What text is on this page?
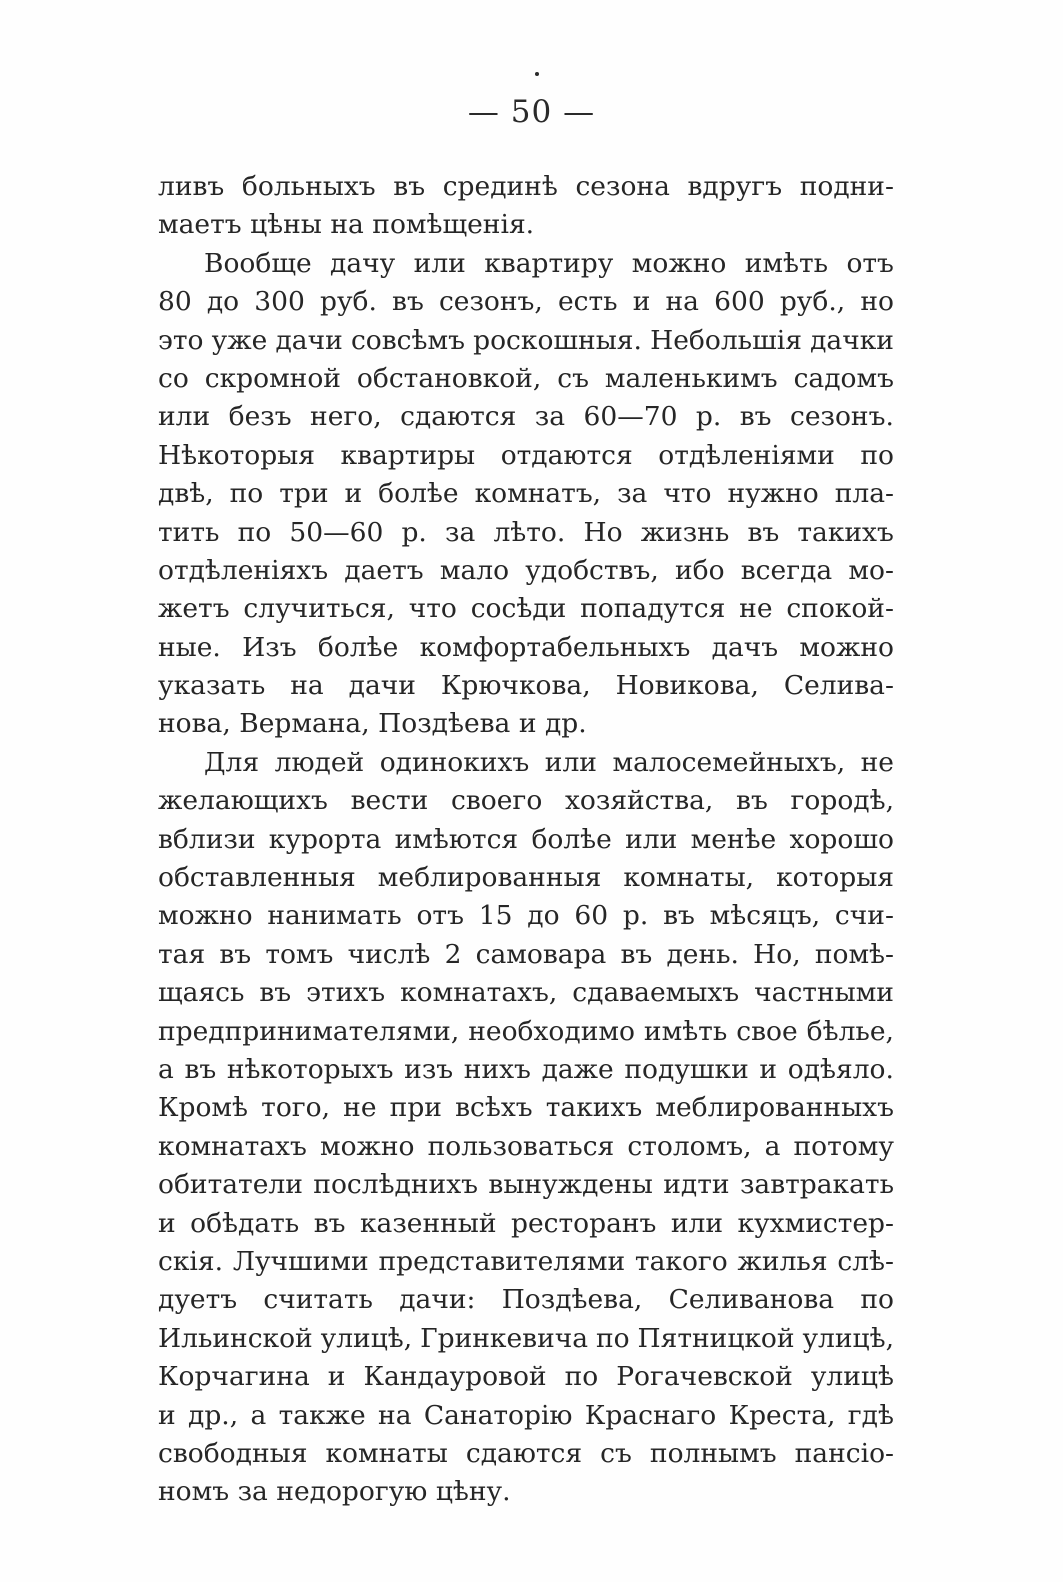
— 50 —
ливъ больныхъ въ срединѣ сезона вдругъ подни-
маетъ цѣны на помѣщенія.
Вообще дачу или квартиру можно имѣть отъ
80 до 300 руб. въ сезонъ, есть и на 600 руб., но
это уже дачи совсѣмъ роскошныя. Небольшія дачки
со скромной обстановкой, съ маленькимъ садомъ
или безъ него, сдаются за 60—70 р. въ сезонъ.
Нѣкоторыя квартиры отдаются отдѣленіями по
двѣ, по три и болѣе комнатъ, за что нужно пла-
тить по 50—60 р. за лѣто. Но жизнь въ такихъ
отдѣленіяхъ даетъ мало удобствъ, ибо всегда мо-
жетъ случиться, что сосѣди попадутся не спокой-
ные. Изъ болѣе комфортабельныхъ дачъ можно
указать на дачи Крючкова, Новикова, Селива-
нова, Вермана, Поздѣева и др.
Для людей одинокихъ или малосемейныхъ, не
желающихъ вести своего хозяйства, въ городѣ,
вблизи курорта имѣются болѣе или менѣе хорошо
обставленныя меблированныя комнаты, которыя
можно нанимать отъ 15 до 60 р. въ мѣсяцъ, счи-
тая въ томъ числѣ 2 самовара въ день. Но, помѣ-
щаясь въ этихъ комнатахъ, сдаваемыхъ частными
предпринимателями, необходимо имѣть свое бѣлье,
а въ нѣкоторыхъ изъ нихъ даже подушки и одѣяло.
Кромѣ того, не при всѣхъ такихъ меблированныхъ
комнатахъ можно пользоваться столомъ, а потому
обитатели послѣднихъ вынуждены идти завтракать
и обѣдать въ казенный ресторанъ или кухмистер-
скія. Лучшими представителями такого жилья слѣ-
дуетъ считать дачи: Поздѣева, Селиванова по
Ильинской улицѣ, Гринкевича по Пятницкой улицѣ,
Корчагина и Кандауровой по Рогачевской улицѣ
и др., а также на Санаторію Краснаго Креста, гдѣ
свободныя комнаты сдаются съ полнымъ пансіо-
номъ за недорогую цѣну.
